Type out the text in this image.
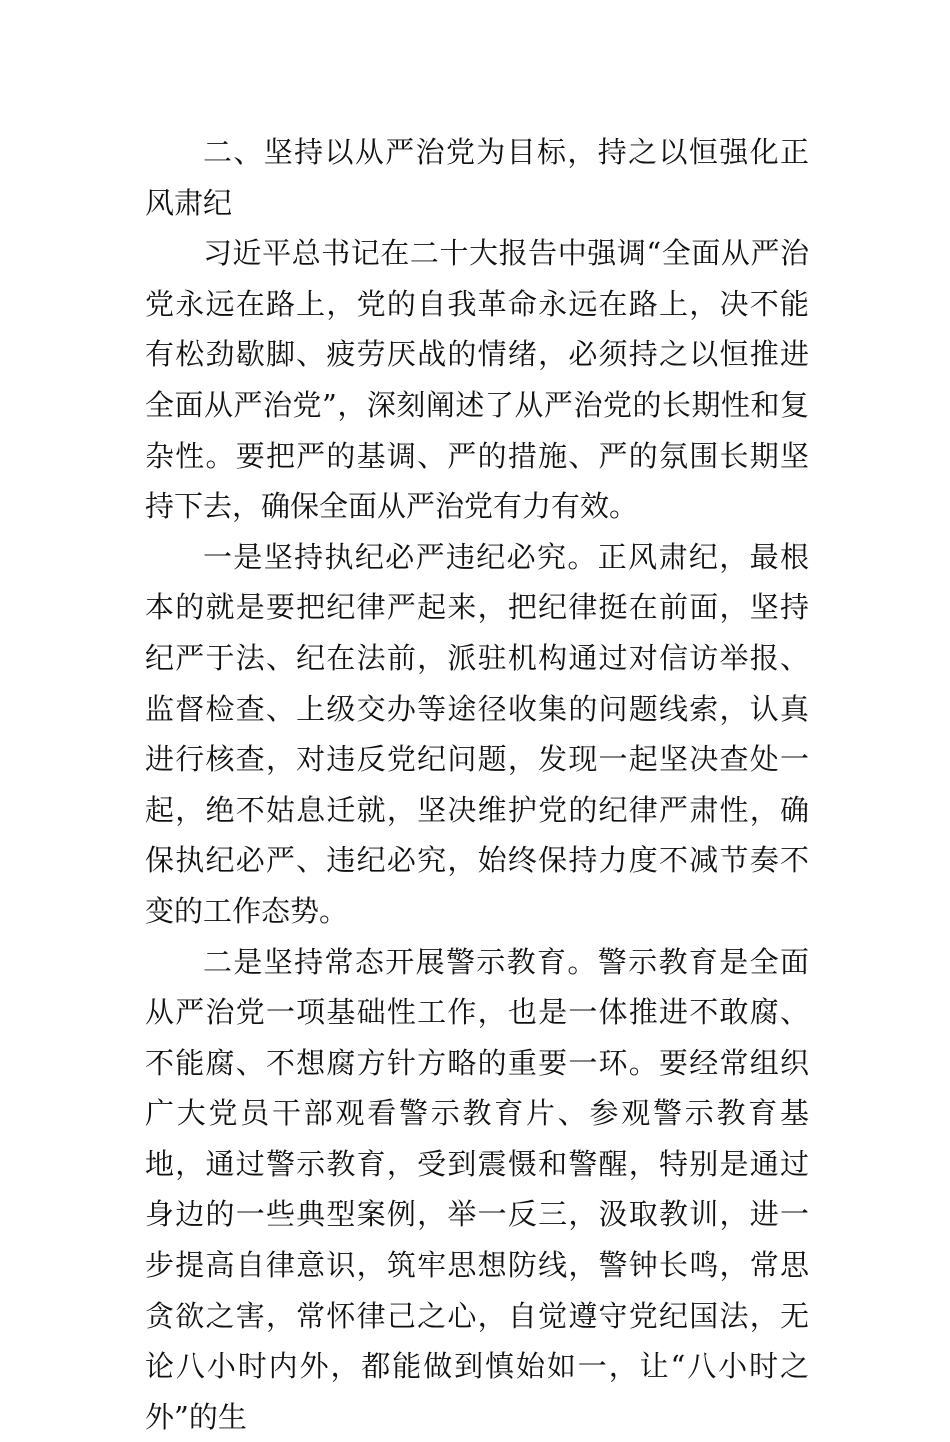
二、坚持以从严治党为目标，持之以恒强化正风肃纪

习近平总书记在二十大报告中强调“全面从严治党永远在路上，党的自我革命永远在路上，决不能有松劲歇脚、疲劳厌战的情绪，必须持之以恒推进全面从严治党”，深刻阐述了从严治党的长期性和复杂性。要把严的基调、严的措施、严的氛围长期坚持下去，确保全面从严治党有力有效。

一是坚持执纪必严违纪必究。正风肃纪，最根本的就是要把纪律严起来，把纪律挺在前面，坚持纪严于法、纪在法前，派驻机构通过对信访举报、监督检查、上级交办等途径收集的问题线索，认真进行核查，对违反党纪问题，发现一起坚决查处一起，绝不姑息迁就，坚决维护党的纪律严肃性，确保执纪必严、违纪必究，始终保持力度不减节奏不变的工作态势。

二是坚持常态开展警示教育。警示教育是全面从严治党一项基础性工作，也是一体推进不敢腐、不能腐、不想腐方针方略的重要一环。要经常组织广大党员干部观看警示教育片、参观警示教育基地，通过警示教育，受到震慑和警醒，特别是通过身边的一些典型案例，举一反三，汲取教训，进一步提高自律意识，筑牢思想防线，警钟长鸣，常思贪欲之害，常怀律己之心，自觉遵守党纪国法，无论八小时内外，都能做到慎始如一，让“八小时之外”的生
